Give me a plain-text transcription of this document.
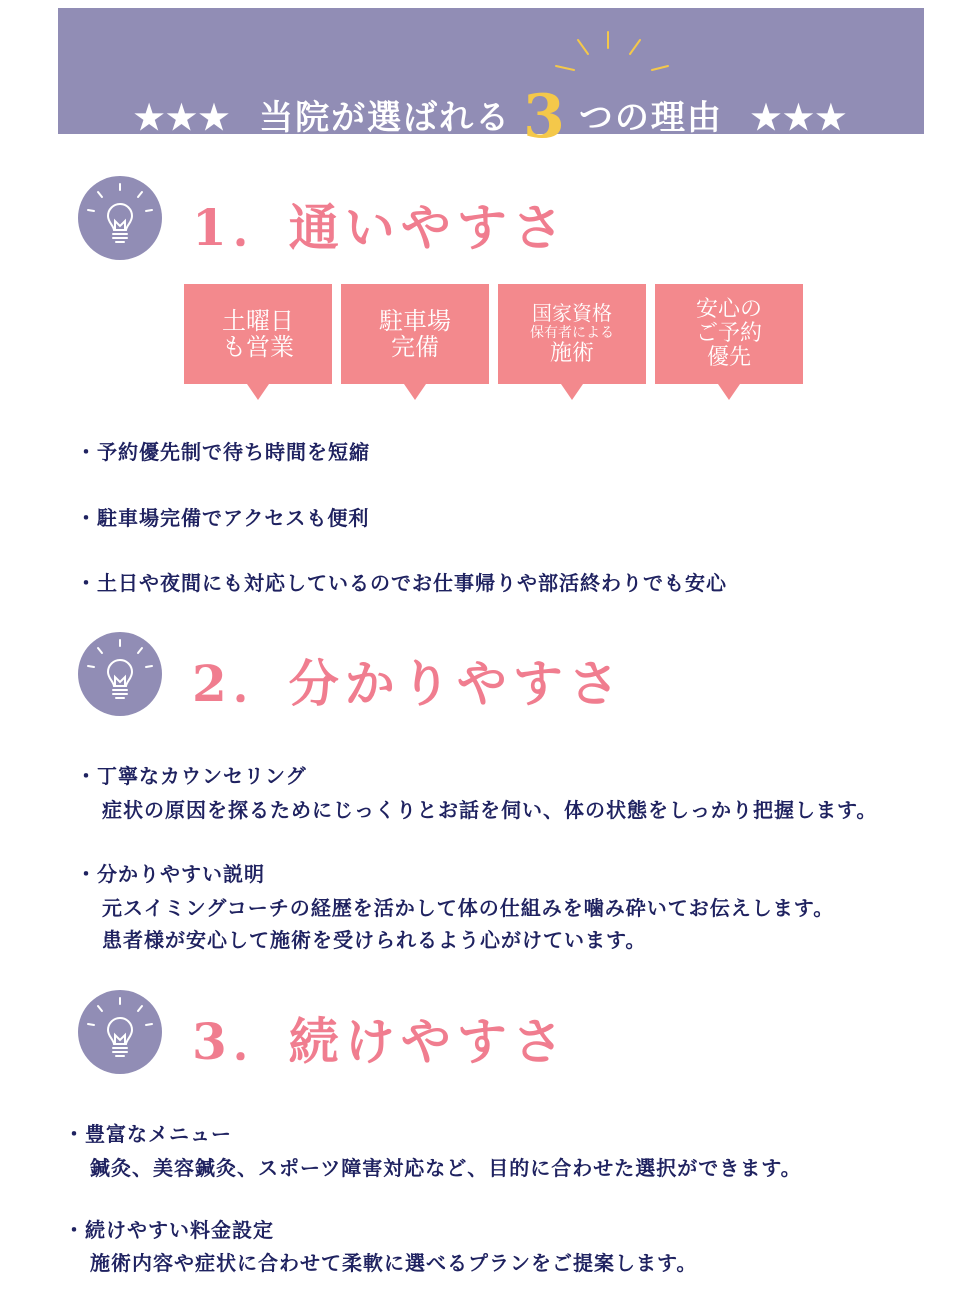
★★★ 当院が選ばれる 3 つの理由 ★★★
1．通いやすさ
土曜日
も営業
駐車場
完備
国家資格
保有者による
施術
安心の
ご予約
優先
・予約優先制で待ち時間を短縮
・駐車場完備でアクセスも便利
・土日や夜間にも対応しているのでお仕事帰りや部活終わりでも安心
2．分かりやすさ
・丁寧なカウンセリング
症状の原因を探るためにじっくりとお話を伺い、体の状態をしっかり把握します。
・分かりやすい説明
元スイミングコーチの経歴を活かして体の仕組みを噛み砕いてお伝えします。
患者様が安心して施術を受けられるよう心がけています。
3．続けやすさ
・豊富なメニュー
鍼灸、美容鍼灸、スポーツ障害対応など、目的に合わせた選択ができます。
・続けやすい料金設定
施術内容や症状に合わせて柔軟に選べるプランをご提案します。
